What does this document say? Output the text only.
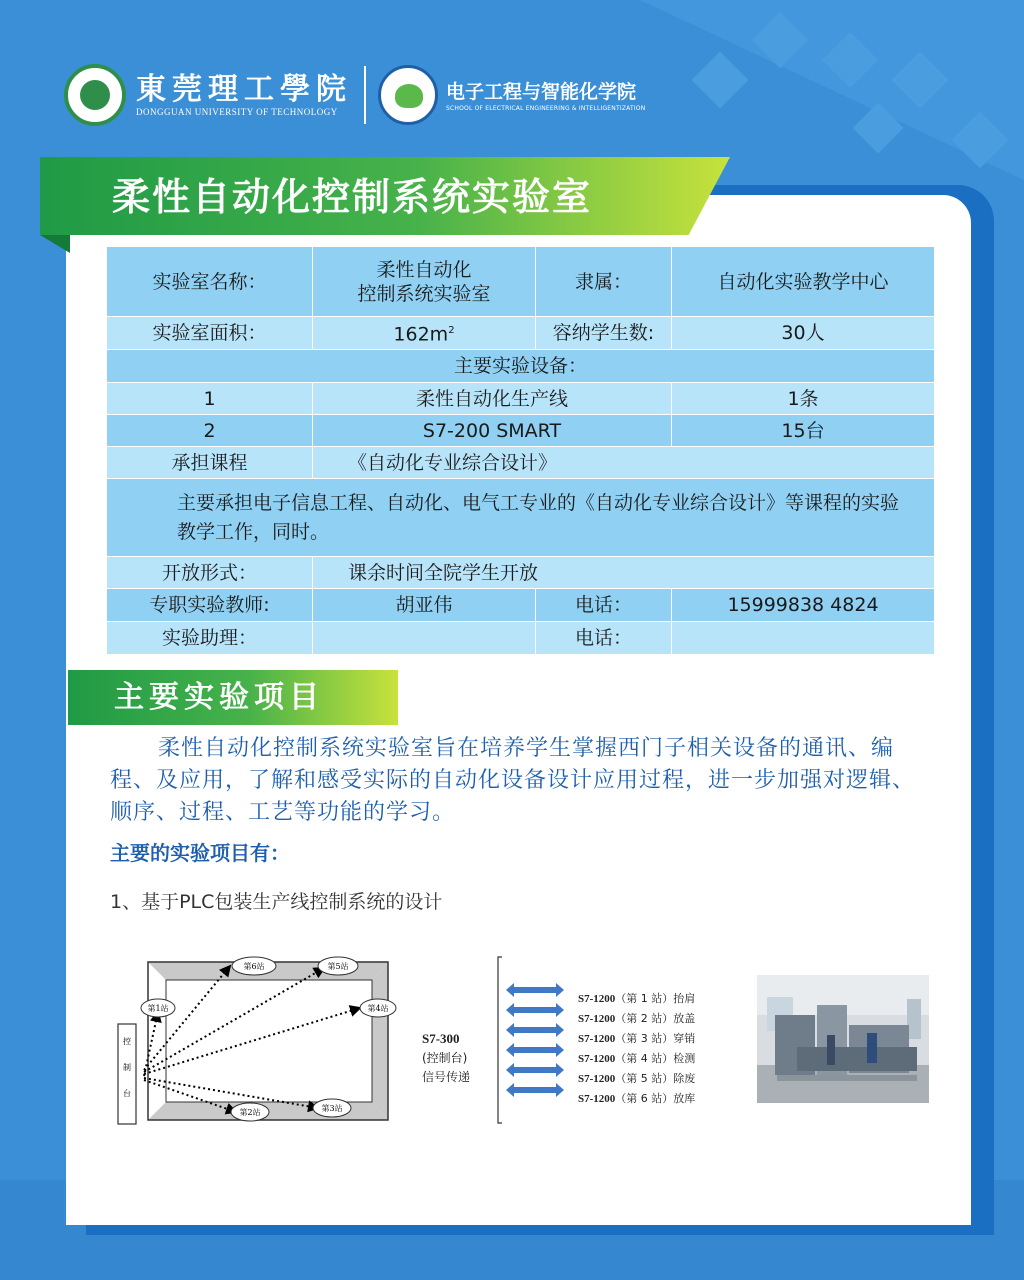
東莞理工學院
DONGGUAN UNIVERSITY OF TECHNOLOGY
电子工程与智能化学院
SCHOOL OF ELECTRICAL ENGINEERING & INTELLIGENTIZATION
柔性自动化控制系统实验室
实验室名称：	柔性自动化
控制系统实验室	隶属：	自动化实验教学中心
实验室面积：	$162m^2$	容纳学生数:	30人
主要实验设备：			
1	柔性自动化生产线		1条
2	S7-200 SMART		15台
承担课程	《自动化专业综合设计》		
主要承担电子信息工程、自动化、电气工专业的《自动化专业综合设计》等课程的实验教学工作，同时。			
开放形式：	课余时间全院学生开放		
专职实验教师:	胡亚伟	电话：	15999838 4824
实验助理：		电话：	
主要实验项目
柔性自动化控制系统实验室旨在培养学生掌握西门子相关设备的通讯、编程、及应用，了解和感受实际的自动化设备设计应用过程，进一步加强对逻辑、顺序、过程、工艺等功能的学习。
主要的实验项目有：
1、基于PLC包装生产线控制系统的设计
控
制
台
第1站
第2站	第3站
第4站
第5站
第6站
S7-300
(控制台)
信号传递
S7-1200（第 1 站）抬肩
S7-1200（第 2 站）放盖
S7-1200（第 3 站）穿销
S7-1200（第 4 站）检测
S7-1200（第 5 站）除废
S7-1200（第 6 站）放库
